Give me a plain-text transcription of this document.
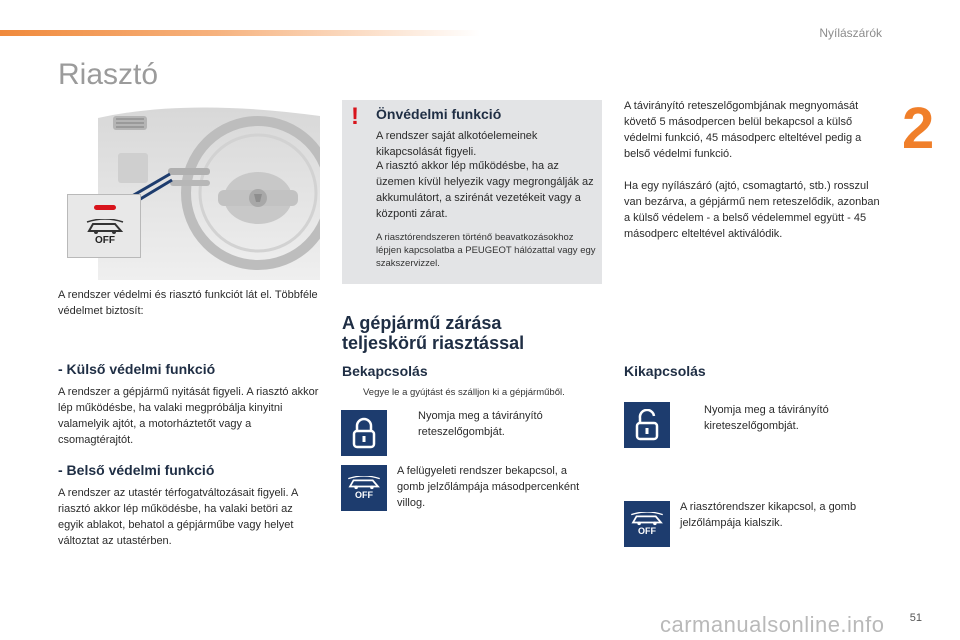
Nyílászárók
2
Riasztó
OFF
A rendszer védelmi és riasztó funkciót lát el. Többféle védelmet biztosít:
- Külső védelmi funkció
A rendszer a gépjármű nyitását figyeli. A riasztó akkor lép működésbe, ha valaki megpróbálja kinyitni valamelyik ajtót, a motorháztetőt vagy a csomagtérajtót.
- Belső védelmi funkció
A rendszer az utastér térfogatváltozásait figyeli. A riasztó akkor lép működésbe, ha valaki betöri az egyik ablakot, behatol a gépjárműbe vagy helyet változtat az utastérben.
!	Önvédelmi funkció
A rendszer saját alkotóelemeinek kikapcsolását figyeli.
A riasztó akkor lép működésbe, ha az üzemen kívül helyezik vagy megrongálják az akkumulátort, a szirénát vezetékeit vagy a központi zárat.
A riasztórendszeren történő beavatkozásokhoz lépjen kapcsolatba a PEUGEOT hálózattal vagy egy szakszervizzel.
A távirányító reteszelőgombjának megnyomását követő 5 másodpercen belül bekapcsol a külső védelmi funkció, 45 másodperc elteltével pedig a belső védelmi funkció.
Ha egy nyílászáró (ajtó, csomagtartó, stb.) rosszul van bezárva, a gépjármű nem reteszelődik, azonban a külső védelem - a belső védelemmel együtt - 45 másodperc elteltével aktiválódik.
A gépjármű zárása
teljeskörű riasztással
Bekapcsolás
Vegye le a gyújtást és szálljon ki a gépjárműből.
Nyomja meg a távirányító reteszelőgombját.
OFF
A felügyeleti rendszer bekapcsol, a gomb jelzőlámpája másodpercenként villog.
Kikapcsolás
Nyomja meg a távirányító kireteszelőgombját.
OFF
A riasztórendszer kikapcsol, a gomb jelzőlámpája kialszik.
carmanualsonline.info 51
